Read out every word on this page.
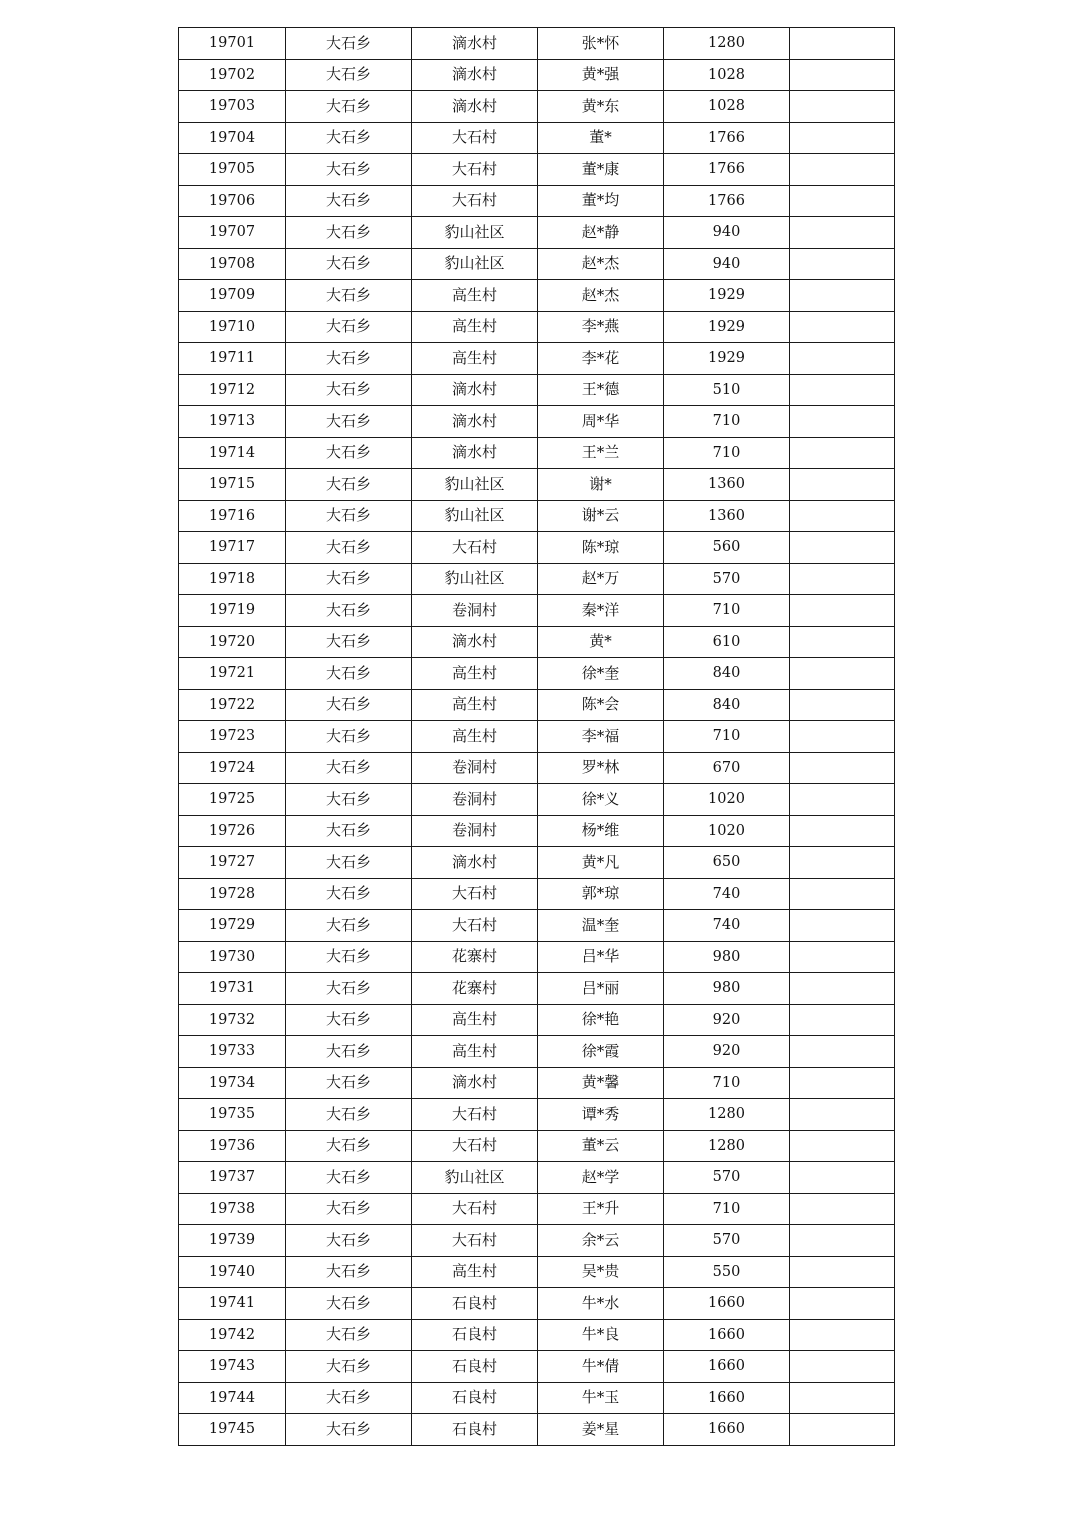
19701	大石乡	滴水村	张*怀	1280	
19702	大石乡	滴水村	黄*强	1028	
19703	大石乡	滴水村	黄*东	1028	
19704	大石乡	大石村	董*	1766	
19705	大石乡	大石村	董*康	1766	
19706	大石乡	大石村	董*均	1766	
19707	大石乡	豹山社区	赵*静	940	
19708	大石乡	豹山社区	赵*杰	940	
19709	大石乡	高生村	赵*杰	1929	
19710	大石乡	高生村	李*燕	1929	
19711	大石乡	高生村	李*花	1929	
19712	大石乡	滴水村	王*德	510	
19713	大石乡	滴水村	周*华	710	
19714	大石乡	滴水村	王*兰	710	
19715	大石乡	豹山社区	谢*	1360	
19716	大石乡	豹山社区	谢*云	1360	
19717	大石乡	大石村	陈*琼	560	
19718	大石乡	豹山社区	赵*万	570	
19719	大石乡	卷洞村	秦*洋	710	
19720	大石乡	滴水村	黄*	610	
19721	大石乡	高生村	徐*奎	840	
19722	大石乡	高生村	陈*会	840	
19723	大石乡	高生村	李*福	710	
19724	大石乡	卷洞村	罗*林	670	
19725	大石乡	卷洞村	徐*义	1020	
19726	大石乡	卷洞村	杨*维	1020	
19727	大石乡	滴水村	黄*凡	650	
19728	大石乡	大石村	郭*琼	740	
19729	大石乡	大石村	温*奎	740	
19730	大石乡	花寨村	吕*华	980	
19731	大石乡	花寨村	吕*丽	980	
19732	大石乡	高生村	徐*艳	920	
19733	大石乡	高生村	徐*霞	920	
19734	大石乡	滴水村	黄*馨	710	
19735	大石乡	大石村	谭*秀	1280	
19736	大石乡	大石村	董*云	1280	
19737	大石乡	豹山社区	赵*学	570	
19738	大石乡	大石村	王*升	710	
19739	大石乡	大石村	余*云	570	
19740	大石乡	高生村	吴*贵	550	
19741	大石乡	石良村	牛*水	1660	
19742	大石乡	石良村	牛*良	1660	
19743	大石乡	石良村	牛*倩	1660	
19744	大石乡	石良村	牛*玉	1660	
19745	大石乡	石良村	姜*星	1660	
